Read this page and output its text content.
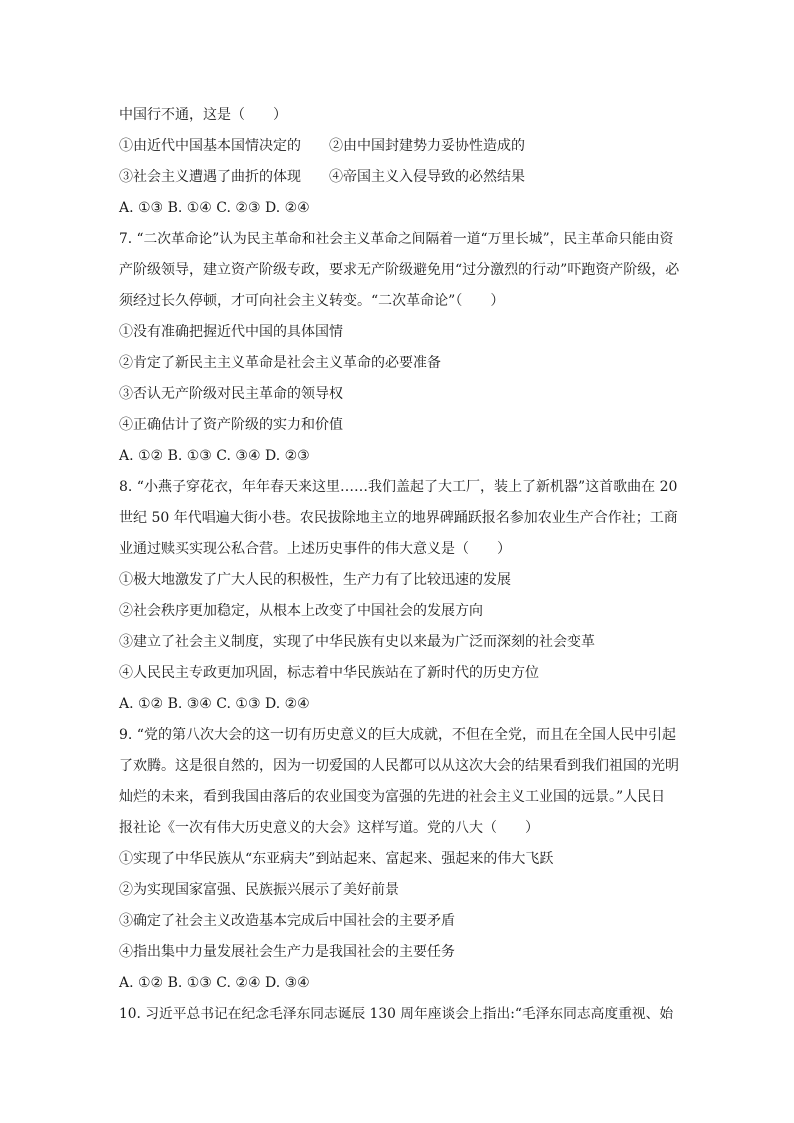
中国行不通，这是（　　）
①由近代中国基本国情决定的	②由中国封建势力妥协性造成的
③社会主义遭遇了曲折的体现	④帝国主义入侵导致的必然结果
A. ①③ B. ①④ C. ②③ D. ②④
7. “二次革命论”认为民主革命和社会主义革命之间隔着一道“万里长城”，民主革命只能由资
产阶级领导，建立资产阶级专政，要求无产阶级避免用“过分激烈的行动”吓跑资产阶级，必
须经过长久停顿，才可向社会主义转变。“二次革命论”（　　）
①没有准确把握近代中国的具体国情
②肯定了新民主主义革命是社会主义革命的必要准备
③否认无产阶级对民主革命的领导权
④正确估计了资产阶级的实力和价值
A. ①② B. ①③ C. ③④ D. ②③
8. “小燕子穿花衣，年年春天来这里……我们盖起了大工厂，装上了新机器”这首歌曲在 20
世纪 50 年代唱遍大街小巷。农民拔除地主立的地界碑踊跃报名参加农业生产合作社；工商
业通过赎买实现公私合营。上述历史事件的伟大意义是（　　）
①极大地激发了广大人民的积极性，生产力有了比较迅速的发展
②社会秩序更加稳定，从根本上改变了中国社会的发展方向
③建立了社会主义制度，实现了中华民族有史以来最为广泛而深刻的社会变革
④人民民主专政更加巩固，标志着中华民族站在了新时代的历史方位
A. ①② B. ③④ C. ①③ D. ②④
9. “党的第八次大会的这一切有历史意义的巨大成就，不但在全党，而且在全国人民中引起
了欢腾。这是很自然的，因为一切爱国的人民都可以从这次大会的结果看到我们祖国的光明
灿烂的未来，看到我国由落后的农业国变为富强的先进的社会主义工业国的远景。”人民日
报社论《一次有伟大历史意义的大会》这样写道。党的八大（　　）
①实现了中华民族从“东亚病夫”到站起来、富起来、强起来的伟大飞跃
②为实现国家富强、民族振兴展示了美好前景
③确定了社会主义改造基本完成后中国社会的主要矛盾
④指出集中力量发展社会生产力是我国社会的主要任务
A. ①② B. ①③ C. ②④ D. ③④
10. 习近平总书记在纪念毛泽东同志诞辰 130 周年座谈会上指出:“毛泽东同志高度重视、始
